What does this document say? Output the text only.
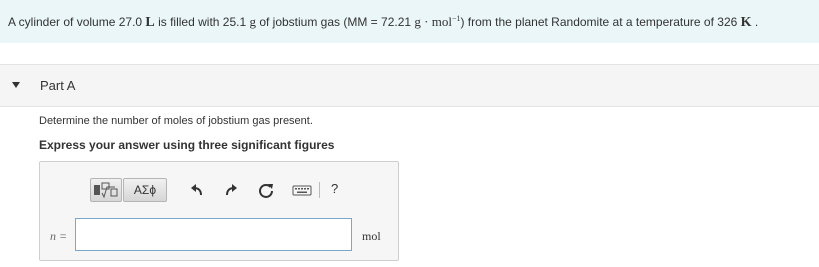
A cylinder of volume 27.0 L is filled with 25.1 g of jobstium gas (MM = 72.21 g · mol$^{-1}$) from the planet Randomite at a temperature of 326 K .
Part A
Determine the number of moles of jobstium gas present.
Express your answer using three significant figures
ΑΣϕ	?
n =	mol
